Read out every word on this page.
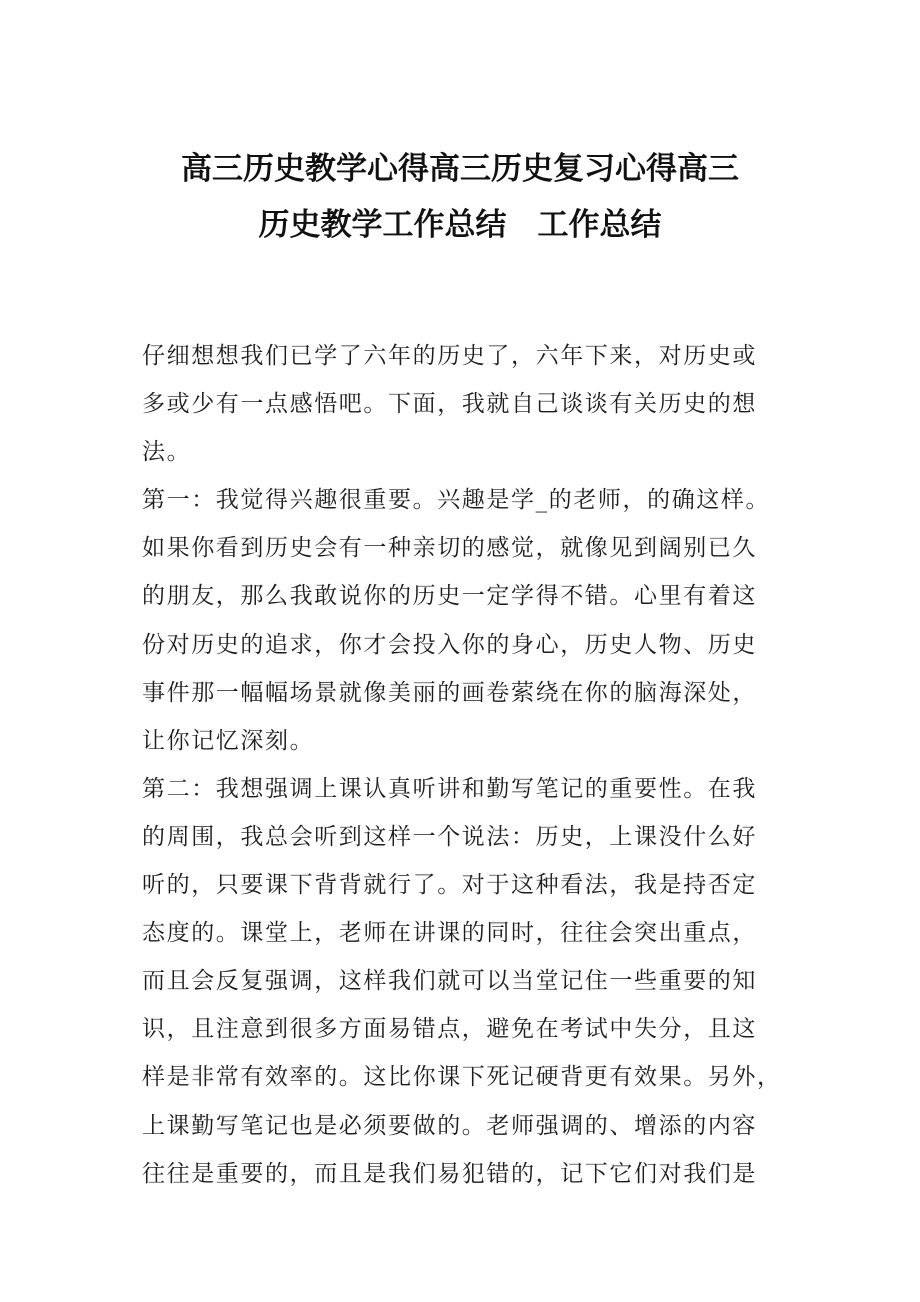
高三历史教学心得高三历史复习心得高三
历史教学工作总结　工作总结
仔细想想我们已学了六年的历史了，六年下来，对历史或
多或少有一点感悟吧。下面，我就自己谈谈有关历史的想
法。
第一：我觉得兴趣很重要。兴趣是学_的老师，的确这样。
如果你看到历史会有一种亲切的感觉，就像见到阔别已久
的朋友，那么我敢说你的历史一定学得不错。心里有着这
份对历史的追求，你才会投入你的身心，历史人物、历史
事件那一幅幅场景就像美丽的画卷萦绕在你的脑海深处，
让你记忆深刻。
第二：我想强调上课认真听讲和勤写笔记的重要性。在我
的周围，我总会听到这样一个说法：历史，上课没什么好
听的，只要课下背背就行了。对于这种看法，我是持否定
态度的。课堂上，老师在讲课的同时，往往会突出重点，
而且会反复强调，这样我们就可以当堂记住一些重要的知
识，且注意到很多方面易错点，避免在考试中失分，且这
样是非常有效率的。这比你课下死记硬背更有效果。另外，
上课勤写笔记也是必须要做的。老师强调的、增添的内容
往往是重要的，而且是我们易犯错的，记下它们对我们是
